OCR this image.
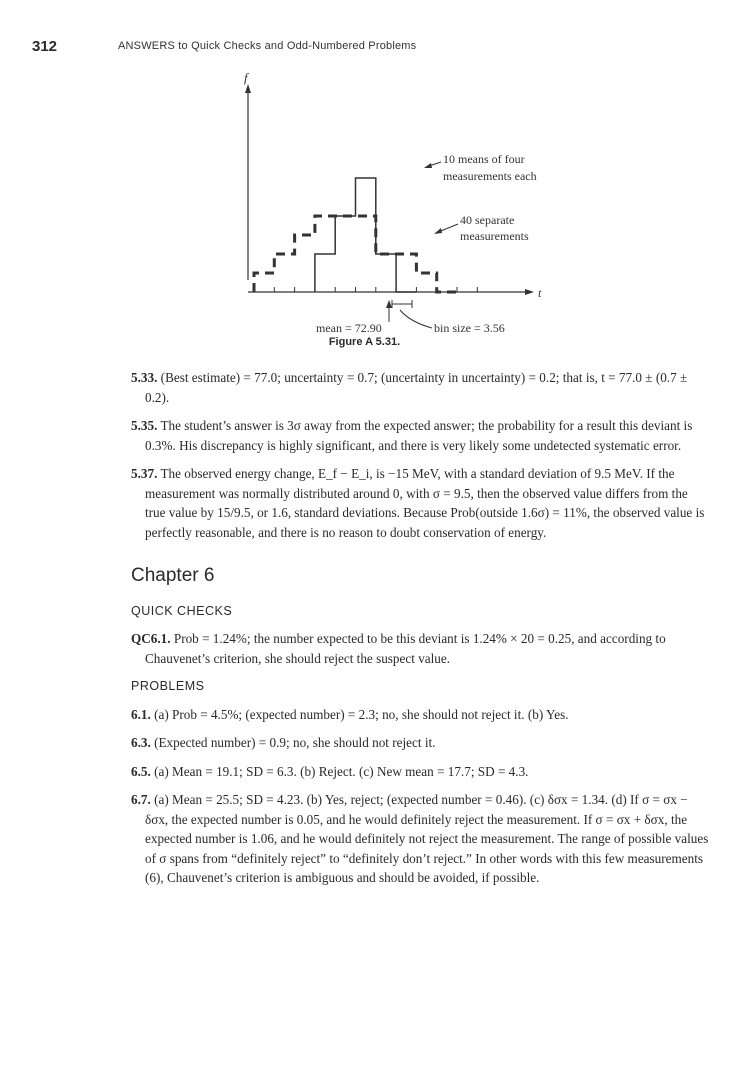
312	ANSWERS to Quick Checks and Odd-Numbered Problems
f
t
10 means of four
measurements each
40 separate
measurements
mean = 72.90	bin size = 3.56
Figure A 5.31.
5.33. (Best estimate) = 77.0; uncertainty = 0.7; (uncertainty in uncertainty) = 0.2; that is, t = 77.0 ± (0.7 ± 0.2).
5.35. The student’s answer is 3σ away from the expected answer; the probability for a result this deviant is 0.3%. His discrepancy is highly significant, and there is very likely some undetected systematic error.
5.37. The observed energy change, E_f − E_i, is −15 MeV, with a standard deviation of 9.5 MeV. If the measurement was normally distributed around 0, with σ = 9.5, then the observed value differs from the true value by 15/9.5, or 1.6, standard deviations. Because Prob(outside 1.6σ) = 11%, the observed value is perfectly reasonable, and there is no reason to doubt conservation of energy.
Chapter 6
QUICK CHECKS
QC6.1. Prob = 1.24%; the number expected to be this deviant is 1.24% × 20 = 0.25, and according to Chauvenet’s criterion, she should reject the suspect value.
PROBLEMS
6.1. (a) Prob = 4.5%; (expected number) = 2.3; no, she should not reject it. (b) Yes.
6.3. (Expected number) = 0.9; no, she should not reject it.
6.5. (a) Mean = 19.1; SD = 6.3. (b) Reject. (c) New mean = 17.7; SD = 4.3.
6.7. (a) Mean = 25.5; SD = 4.23. (b) Yes, reject; (expected number = 0.46). (c) δσx = 1.34. (d) If σ = σx − δσx, the expected number is 0.05, and he would definitely reject the measurement. If σ = σx + δσx, the expected number is 1.06, and he would definitely not reject the measurement. The range of possible values of σ spans from “definitely reject” to “definitely don’t reject.” In other words with this few measurements (6), Chauvenet’s criterion is ambiguous and should be avoided, if possible.
